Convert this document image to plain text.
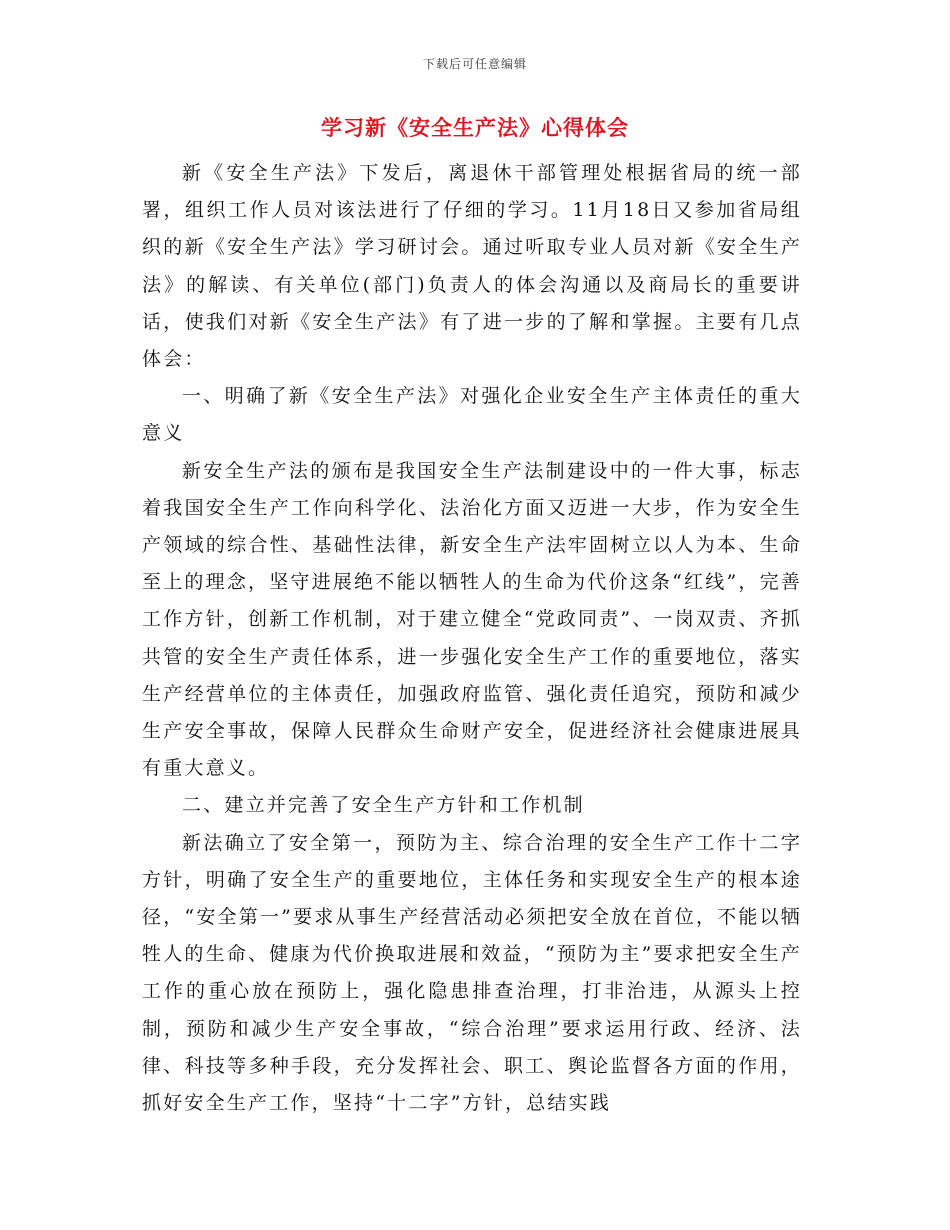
下载后可任意编辑
学习新《安全生产法》心得体会

新《安全生产法》下发后，离退休干部管理处根据省局的统一部署，组织工作人员对该法进行了仔细的学习。11月18日又参加省局组织的新《安全生产法》学习研讨会。通过听取专业人员对新《安全生产法》的解读、有关单位(部门)负责人的体会沟通以及商局长的重要讲话，使我们对新《安全生产法》有了进一步的了解和掌握。主要有几点体会：

一、明确了新《安全生产法》对强化企业安全生产主体责任的重大意义

新安全生产法的颁布是我国安全生产法制建设中的一件大事，标志着我国安全生产工作向科学化、法治化方面又迈进一大步，作为安全生产领域的综合性、基础性法律，新安全生产法牢固树立以人为本、生命至上的理念，坚守进展绝不能以牺牲人的生命为代价这条“红线”，完善工作方针，创新工作机制，对于建立健全“党政同责”、一岗双责、齐抓共管的安全生产责任体系，进一步强化安全生产工作的重要地位，落实生产经营单位的主体责任，加强政府监管、强化责任追究，预防和减少生产安全事故，保障人民群众生命财产安全，促进经济社会健康进展具有重大意义。

二、建立并完善了安全生产方针和工作机制

新法确立了安全第一，预防为主、综合治理的安全生产工作十二字方针，明确了安全生产的重要地位，主体任务和实现安全生产的根本途径，“安全第一”要求从事生产经营活动必须把安全放在首位，不能以牺牲人的生命、健康为代价换取进展和效益，“预防为主”要求把安全生产工作的重心放在预防上，强化隐患排查治理，打非治违，从源头上控制，预防和减少生产安全事故，“综合治理”要求运用行政、经济、法律、科技等多种手段，充分发挥社会、职工、舆论监督各方面的作用，抓好安全生产工作，坚持“十二字”方针，总结实践
